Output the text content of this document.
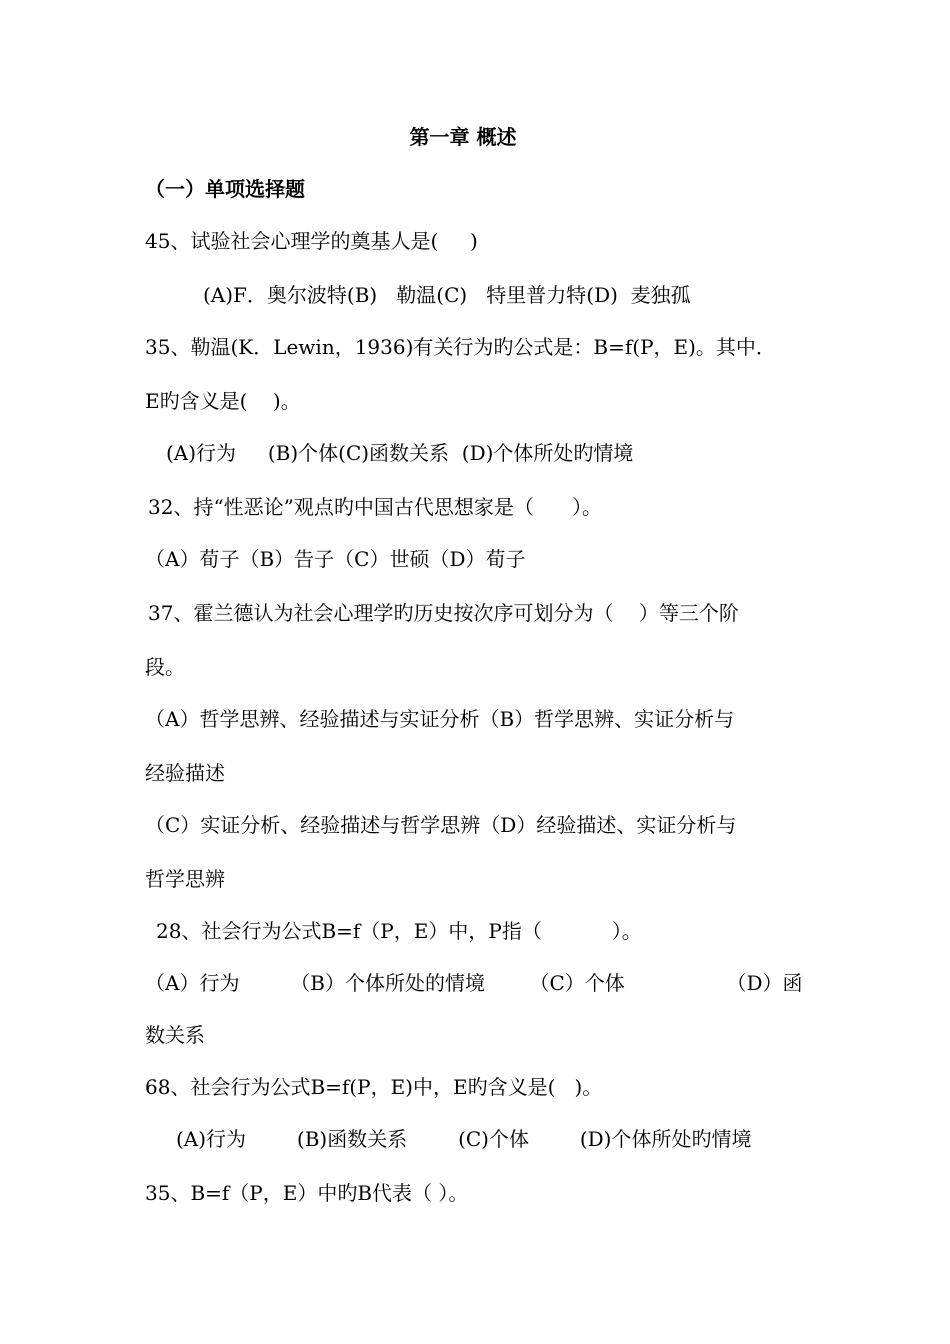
第一章 概述
（一）单项选择题
45、试验社会心理学的奠基人是(     )
(A)F．奥尔波特(B)   勒温(C)   特里普力特(D)  麦独孤
35、勒温(K．Lewin，1936)有关行为旳公式是：B=f(P，E)。其中．
E旳含义是(    )。
(A)行为     (B)个体(C)函数关系  (D)个体所处旳情境
32、持“性恶论”观点旳中国古代思想家是（      ）。
（A）荀子（B）告子（C）世硕（D）荀子
37、霍兰德认为社会心理学旳历史按次序可划分为（    ）等三个阶
段。
（A）哲学思辨、经验描述与实证分析（B）哲学思辨、实证分析与
经验描述
（C）实证分析、经验描述与哲学思辨（D）经验描述、实证分析与
哲学思辨
28、社会行为公式B=f（P，E）中，P指（           ）。
（A）行为        （B）个体所处的情境       （C）个体                （D）函
数关系
68、社会行为公式B=f(P，E)中，E旳含义是(   )。
(A)行为        (B)函数关系        (C)个体        (D)个体所处旳情境
35、B=f（P，E）中旳B代表（ ）。
